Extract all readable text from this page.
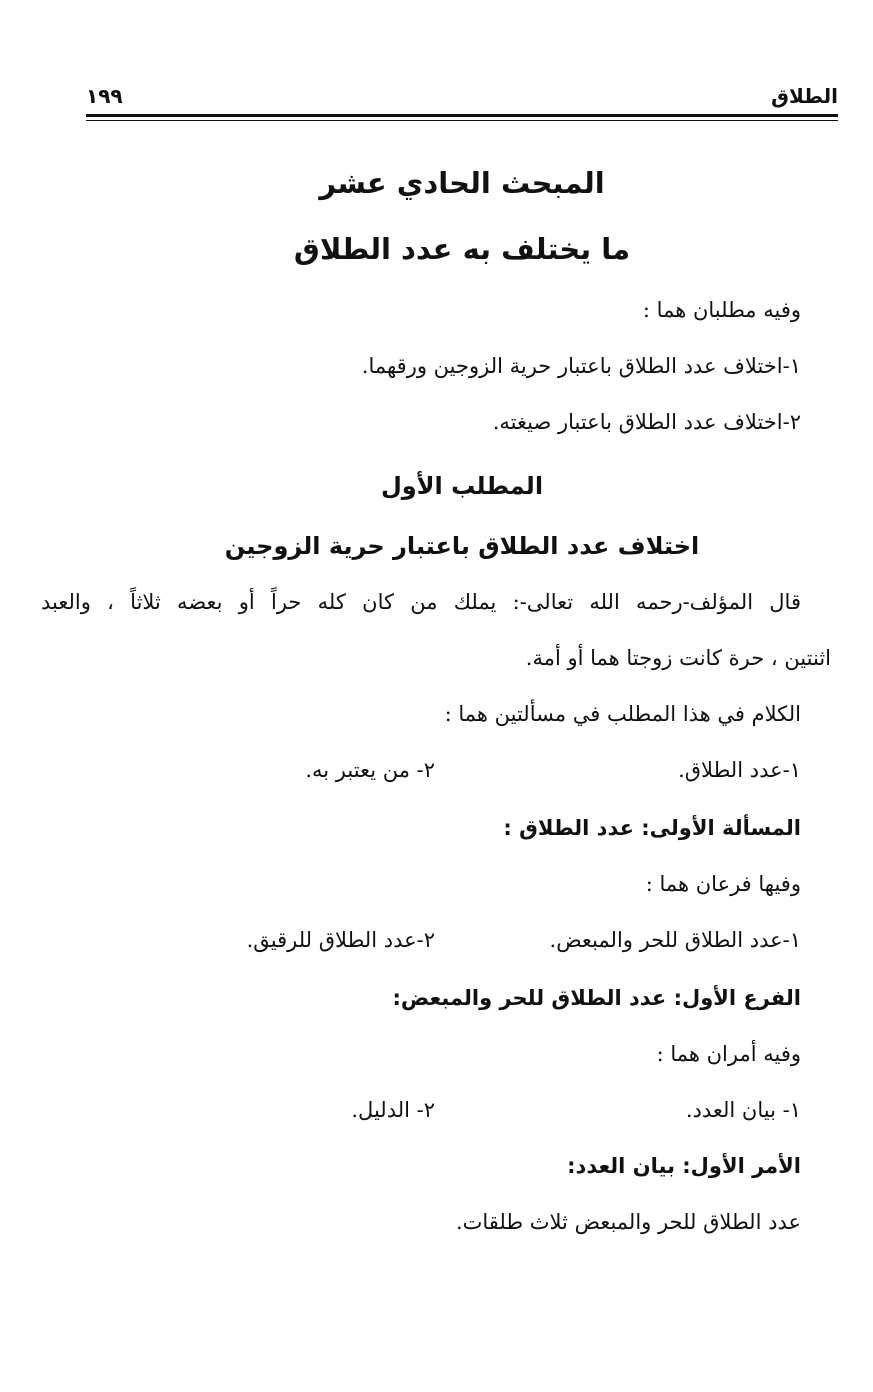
الطلاق
١٩٩
المبحث الحادي عشر
ما يختلف به عدد الطلاق
وفيه مطلبان هما :
١-اختلاف عدد الطلاق باعتبار حرية الزوجين ورقهما.
٢-اختلاف عدد الطلاق باعتبار صيغته.
المطلب الأول
اختلاف عدد الطلاق باعتبار حرية الزوجين
قال المؤلف-رحمه الله تعالى-: يملك من كان كله حراً أو بعضه ثلاثاً ، والعبد
اثنتين ، حرة كانت زوجتا هما أو أمة.
الكلام في هذا المطلب في مسألتين هما :
١-عدد الطلاق.
٢- من يعتبر به.
المسألة الأولى: عدد الطلاق :
وفيها فرعان هما :
١-عدد الطلاق للحر والمبعض.
٢-عدد الطلاق للرقيق.
الفرع الأول: عدد الطلاق للحر والمبعض:
وفيه أمران هما :
١- بيان العدد.
٢- الدليل.
الأمر الأول: بيان العدد:
عدد الطلاق للحر والمبعض ثلاث طلقات.
